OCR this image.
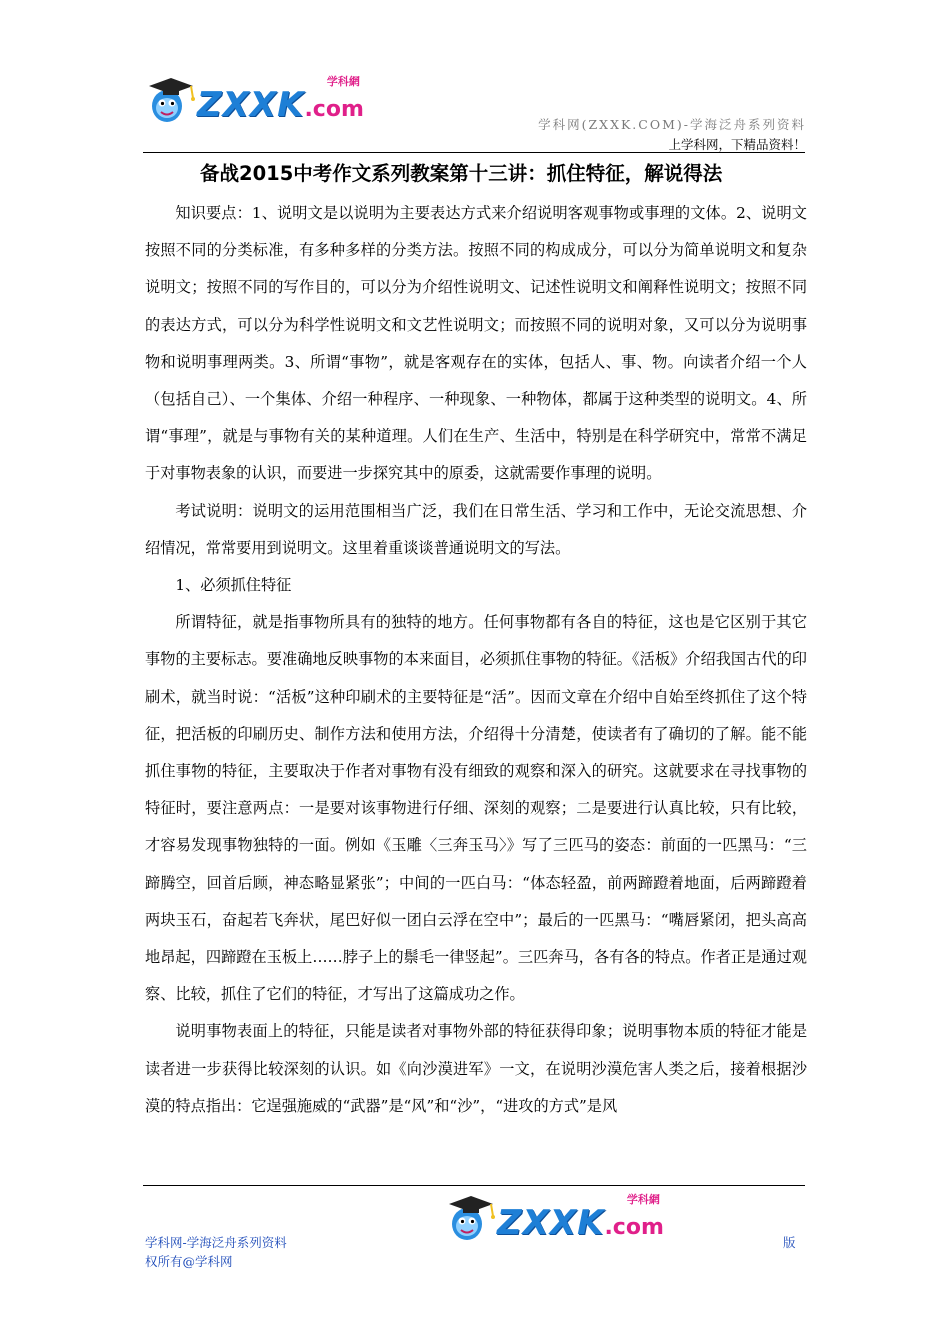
学科網
ZXXK .com
学科网(ZXXK.COM)-学海泛舟系列资料
上学科网，下精品资料！
备战2015中考作文系列教案第十三讲：抓住特征，解说得法

知识要点：1、说明文是以说明为主要表达方式来介绍说明客观事物或事理的文体。2、说明文按照不同的分类标准，有多种多样的分类方法。按照不同的构成成分，可以分为简单说明文和复杂说明文；按照不同的写作目的，可以分为介绍性说明文、记述性说明文和阐释性说明文；按照不同的表达方式，可以分为科学性说明文和文艺性说明文；而按照不同的说明对象，又可以分为说明事物和说明事理两类。3、所谓“事物”，就是客观存在的实体，包括人、事、物。向读者介绍一个人（包括自己）、一个集体、介绍一种程序、一种现象、一种物体，都属于这种类型的说明文。4、所谓“事理”，就是与事物有关的某种道理。人们在生产、生活中，特别是在科学研究中，常常不满足于对事物表象的认识，而要进一步探究其中的原委，这就需要作事理的说明。

考试说明：说明文的运用范围相当广泛，我们在日常生活、学习和工作中，无论交流思想、介绍情况，常常要用到说明文。这里着重谈谈普通说明文的写法。

1、必须抓住特征

所谓特征，就是指事物所具有的独特的地方。任何事物都有各自的特征，这也是它区别于其它事物的主要标志。要准确地反映事物的本来面目，必须抓住事物的特征。《活板》介绍我国古代的印刷术，就当时说：“活板”这种印刷术的主要特征是“活”。因而文章在介绍中自始至终抓住了这个特征，把活板的印刷历史、制作方法和使用方法，介绍得十分清楚，使读者有了确切的了解。能不能抓住事物的特征，主要取决于作者对事物有没有细致的观察和深入的研究。这就要求在寻找事物的特征时，要注意两点：一是要对该事物进行仔细、深刻的观察；二是要进行认真比较，只有比较，才容易发现事物独特的一面。例如《玉雕〈三奔玉马〉》写了三匹马的姿态：前面的一匹黑马：“三蹄腾空，回首后顾，神态略显紧张”；中间的一匹白马：“体态轻盈，前两蹄蹬着地面，后两蹄蹬着两块玉石，奋起若飞奔状，尾巴好似一团白云浮在空中”；最后的一匹黑马：“嘴唇紧闭，把头高高地昂起，四蹄蹬在玉板上……脖子上的鬃毛一律竖起”。三匹奔马，各有各的特点。作者正是通过观察、比较，抓住了它们的特征，才写出了这篇成功之作。

说明事物表面上的特征，只能是读者对事物外部的特征获得印象；说明事物本质的特征才能是读者进一步获得比较深刻的认识。如《向沙漠进军》一文，在说明沙漠危害人类之后，接着根据沙漠的特点指出：它逞强施威的“武器”是“风”和“沙”，“进攻的方式”是风

学科網
ZXXK .com
学科网-学海泛舟系列资料
权所有@学科网
版
